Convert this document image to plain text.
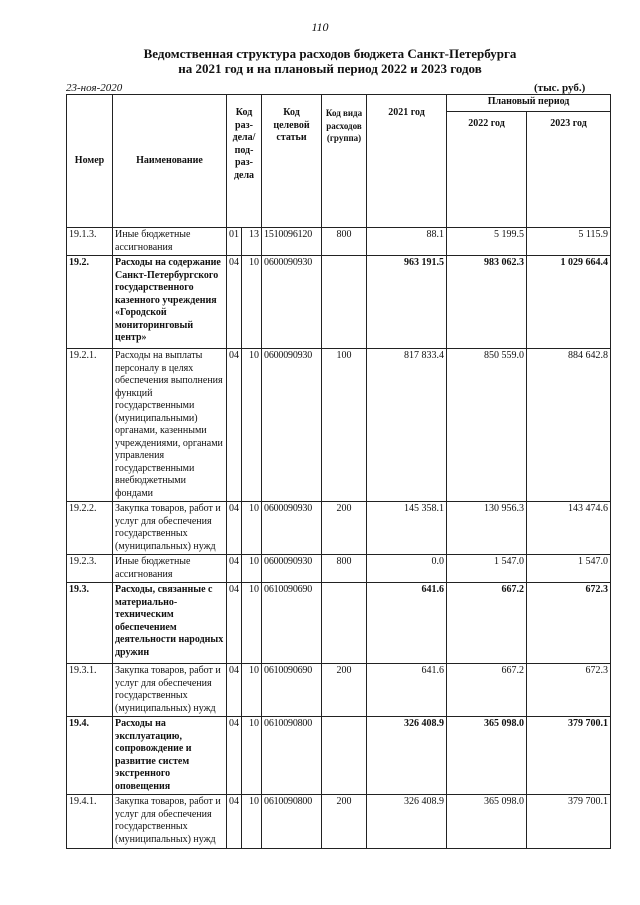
110
Ведомственная структура расходов бюджета Санкт-Петербурга
на 2021 год и на плановый период 2022 и 2023 годов
23-ноя-2020	(тыс. руб.)
Номер	Наименование	Код раз-дела/ под-раз-дела		Код целевой статьи	Код вида расходов (группа)	2021 год	Плановый период	
							2022 год	2023 год
19.1.3.	Иные бюджетные ассигнования	01	13	1510096120	800	88.1	5 199.5	5 115.9
19.2.	Расходы на содержание Санкт-Петербургского государственного казенного учреждения «Городской мониторинговый центр»	04	10	0600090930		963 191.5	983 062.3	1 029 664.4
19.2.1.	Расходы на выплаты персоналу в целях обеспечения выполнения функций государственными (муниципальными) органами, казенными учреждениями, органами управления государственными внебюджетными фондами	04	10	0600090930	100	817 833.4	850 559.0	884 642.8
19.2.2.	Закупка товаров, работ и услуг для обеспечения государственных (муниципальных) нужд	04	10	0600090930	200	145 358.1	130 956.3	143 474.6
19.2.3.	Иные бюджетные ассигнования	04	10	0600090930	800	0.0	1 547.0	1 547.0
19.3.	Расходы, связанные с материально-техническим обеспечением деятельности народных дружин	04	10	0610090690		641.6	667.2	672.3
19.3.1.	Закупка товаров, работ и услуг для обеспечения государственных (муниципальных) нужд	04	10	0610090690	200	641.6	667.2	672.3
19.4.	Расходы на эксплуатацию, сопровождение и развитие систем экстренного оповещения	04	10	0610090800		326 408.9	365 098.0	379 700.1
19.4.1.	Закупка товаров, работ и услуг для обеспечения государственных (муниципальных) нужд	04	10	0610090800	200	326 408.9	365 098.0	379 700.1
